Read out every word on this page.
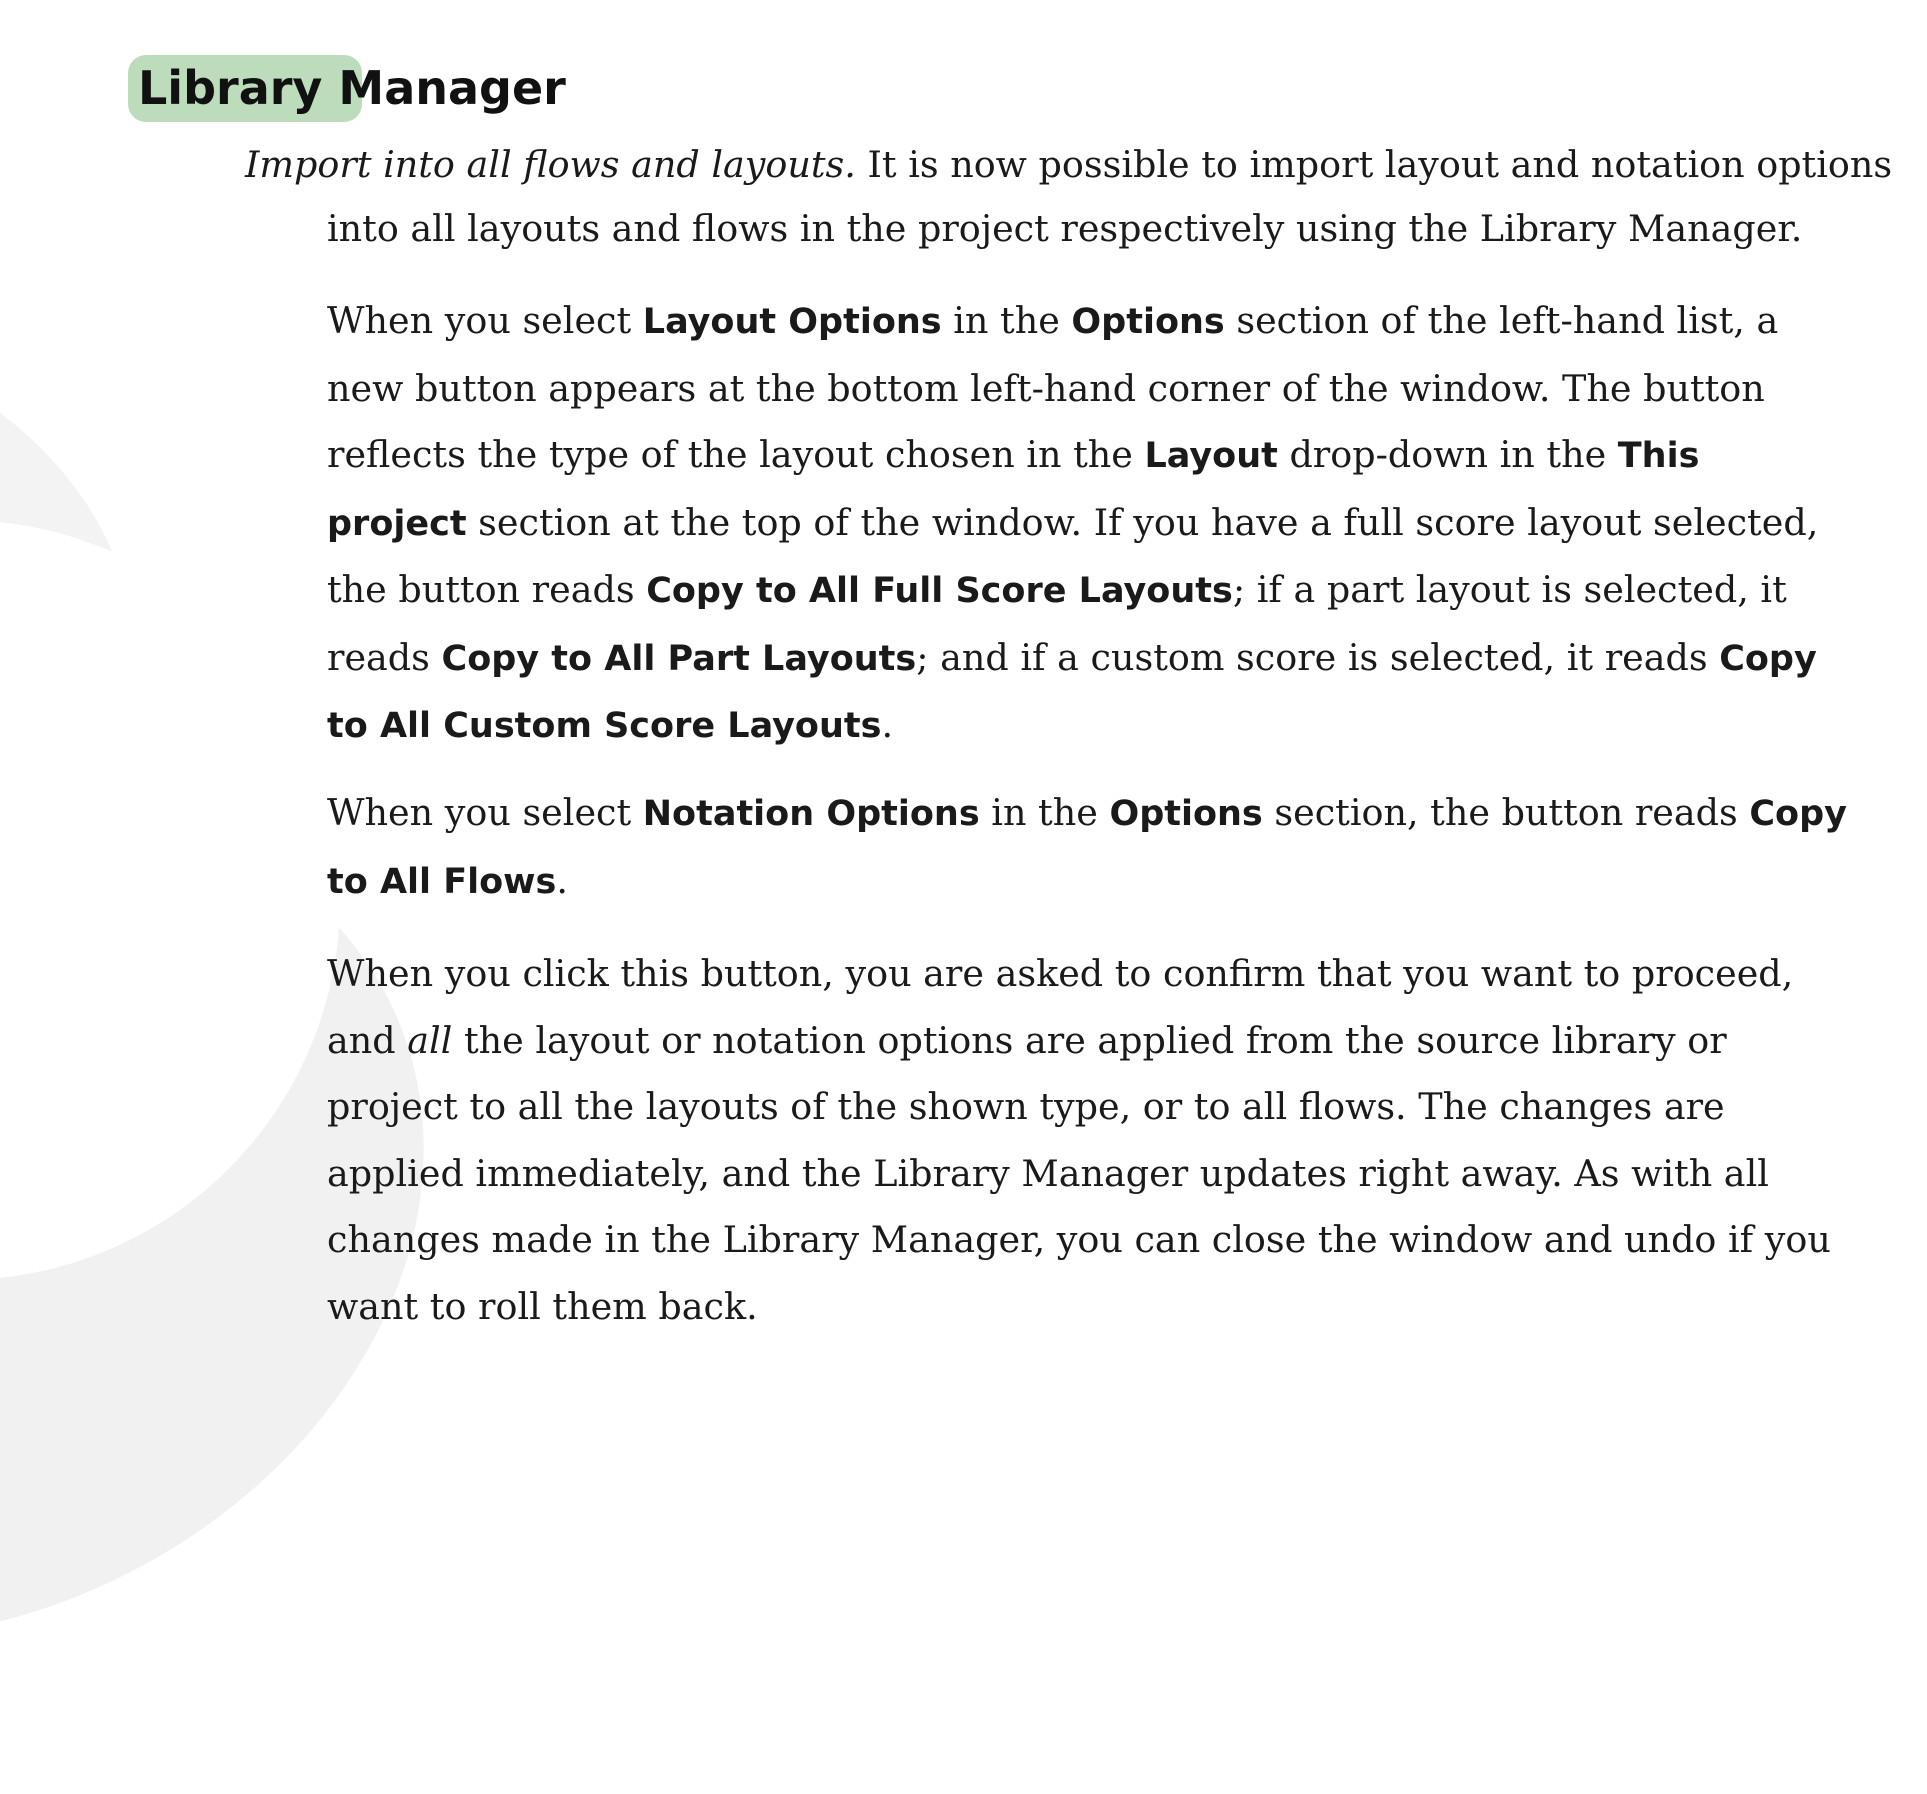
Library Manager

Import into all flows and layouts. It is now possible to import layout and notation options into all layouts and flows in the project respectively using the Library Manager.

When you select Layout Options in the Options section of the left-hand list, a new button appears at the bottom left-hand corner of the window. The button reflects the type of the layout chosen in the Layout drop-down in the This project section at the top of the window. If you have a full score layout selected, the button reads Copy to All Full Score Layouts; if a part layout is selected, it reads Copy to All Part Layouts; and if a custom score is selected, it reads Copy to All Custom Score Layouts.

When you select Notation Options in the Options section, the button reads Copy to All Flows.

When you click this button, you are asked to confirm that you want to proceed, and all the layout or notation options are applied from the source library or project to all the layouts of the shown type, or to all flows. The changes are applied immediately, and the Library Manager updates right away. As with all changes made in the Library Manager, you can close the window and undo if you want to roll them back.
